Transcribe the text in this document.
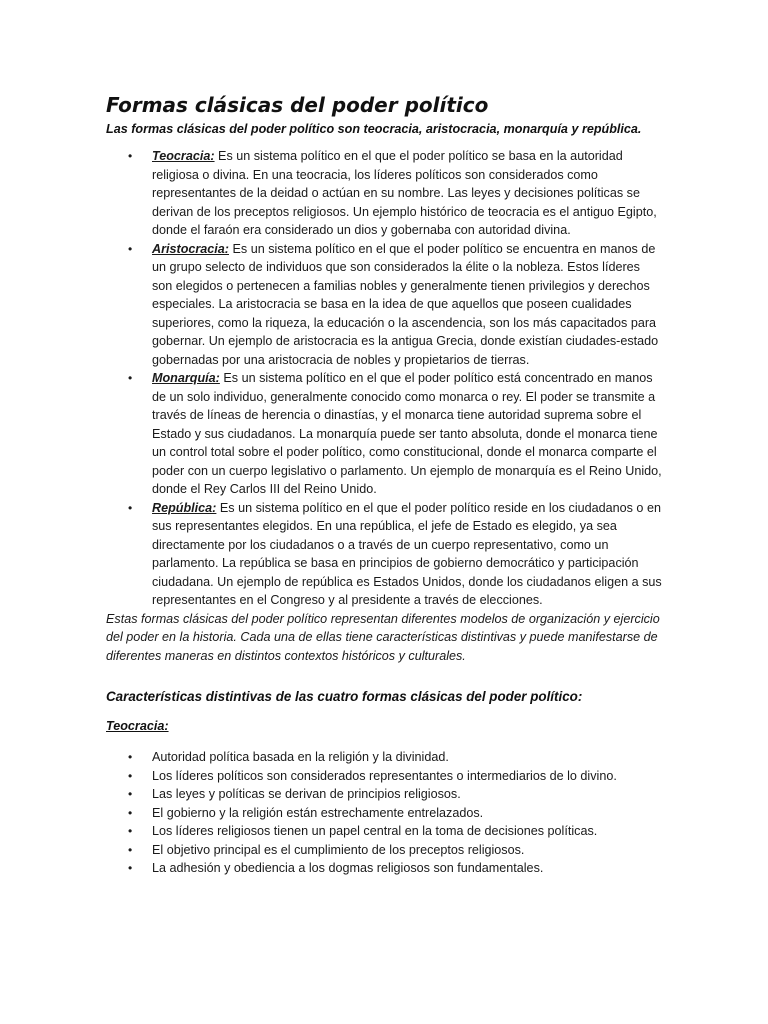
Formas clásicas del poder político

Las formas clásicas del poder político son teocracia, aristocracia, monarquía y república.

• Teocracia: Es un sistema político en el que el poder político se basa en la autoridad religiosa o divina. En una teocracia, los líderes políticos son considerados como representantes de la deidad o actúan en su nombre. Las leyes y decisiones políticas se derivan de los preceptos religiosos. Un ejemplo histórico de teocracia es el antiguo Egipto, donde el faraón era considerado un dios y gobernaba con autoridad divina.
• Aristocracia: Es un sistema político en el que el poder político se encuentra en manos de un grupo selecto de individuos que son considerados la élite o la nobleza. Estos líderes son elegidos o pertenecen a familias nobles y generalmente tienen privilegios y derechos especiales. La aristocracia se basa en la idea de que aquellos que poseen cualidades superiores, como la riqueza, la educación o la ascendencia, son los más capacitados para gobernar. Un ejemplo de aristocracia es la antigua Grecia, donde existían ciudades-estado gobernadas por una aristocracia de nobles y propietarios de tierras.
• Monarquía: Es un sistema político en el que el poder político está concentrado en manos de un solo individuo, generalmente conocido como monarca o rey. El poder se transmite a través de líneas de herencia o dinastías, y el monarca tiene autoridad suprema sobre el Estado y sus ciudadanos. La monarquía puede ser tanto absoluta, donde el monarca tiene un control total sobre el poder político, como constitucional, donde el monarca comparte el poder con un cuerpo legislativo o parlamento. Un ejemplo de monarquía es el Reino Unido, donde el Rey Carlos III del Reino Unido.
• República: Es un sistema político en el que el poder político reside en los ciudadanos o en sus representantes elegidos. En una república, el jefe de Estado es elegido, ya sea directamente por los ciudadanos o a través de un cuerpo representativo, como un parlamento. La república se basa en principios de gobierno democrático y participación ciudadana. Un ejemplo de república es Estados Unidos, donde los ciudadanos eligen a sus representantes en el Congreso y al presidente a través de elecciones.

Estas formas clásicas del poder político representan diferentes modelos de organización y ejercicio del poder en la historia. Cada una de ellas tiene características distintivas y puede manifestarse de diferentes maneras en distintos contextos históricos y culturales.

Características distintivas de las cuatro formas clásicas del poder político:
Teocracia:
• Autoridad política basada en la religión y la divinidad.
• Los líderes políticos son considerados representantes o intermediarios de lo divino.
• Las leyes y políticas se derivan de principios religiosos.
• El gobierno y la religión están estrechamente entrelazados.
• Los líderes religiosos tienen un papel central en la toma de decisiones políticas.
• El objetivo principal es el cumplimiento de los preceptos religiosos.
• La adhesión y obediencia a los dogmas religiosos son fundamentales.
